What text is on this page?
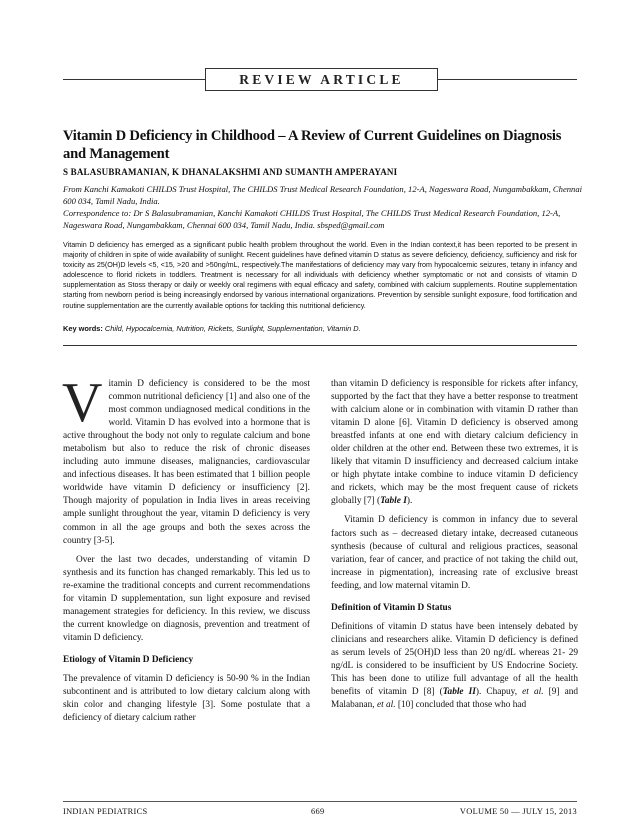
REVIEW ARTICLE
Vitamin D Deficiency in Childhood – A Review of Current Guidelines on Diagnosis and Management
S BALASUBRAMANIAN, K DHANALAKSHMI AND SUMANTH AMPERAYANI
From Kanchi Kamakoti CHILDS Trust Hospital, The CHILDS Trust Medical Research Foundation, 12-A, Nageswara Road, Nungambakkam, Chennai 600 034, Tamil Nadu, India.
Correspondence to: Dr S Balasubramanian, Kanchi Kamakoti CHILDS Trust Hospital, The CHILDS Trust Medical Research Foundation, 12-A, Nageswara Road, Nungambakkam, Chennai 600 034, Tamil Nadu, India. sbsped@gmail.com
Vitamin D deficiency has emerged as a significant public health problem throughout the world. Even in the Indian context,it has been reported to be present in majority of children in spite of wide availability of sunlight. Recent guidelines have defined vitamin D status as severe deficiency, deficiency, sufficiency and risk for toxicity as 25(OH)D levels <5, <15, >20 and >50ng/mL, respectively.The manifestations of deficiency may vary from hypocalcemic seizures, tetany in infancy and adolescence to florid rickets in toddlers. Treatment is necessary for all individuals with deficiency whether symptomatic or not and consists of vitamin D supplementation as Stoss therapy or daily or weekly oral regimens with equal efficacy and safety, combined with calcium supplements. Routine supplementation starting from newborn period is being increasingly endorsed by various international organizations. Prevention by sensible sunlight exposure, food fortification and routine supplementation are the currently available options for tackling this nutritional deficiency.
Key words: Child, Hypocalcemia, Nutrition, Rickets, Sunlight, Supplementation, Vitamin D.

Vitamin D deficiency is considered to be the most common nutritional deficiency [1] and also one of the most common undiagnosed medical conditions in the world. Vitamin D has evolved into a hormone that is active throughout the body not only to regulate calcium and bone metabolism but also to reduce the risk of chronic diseases including auto immune diseases, malignancies, cardiovascular and infectious diseases. It has been estimated that 1 billion people worldwide have vitamin D deficiency or insufficiency [2]. Though majority of population in India lives in areas receiving ample sunlight throughout the year, vitamin D deficiency is very common in all the age groups and both the sexes across the country [3-5].

Over the last two decades, understanding of vitamin D synthesis and its function has changed remarkably. This led us to re-examine the traditional concepts and current recommendations for vitamin D supplementation, sun light exposure and revised management strategies for deficiency. In this review, we discuss the current knowledge on diagnosis, prevention and treatment of vitamin D deficiency.

Etiology of Vitamin D Deficiency

The prevalence of vitamin D deficiency is 50-90 % in the Indian subcontinent and is attributed to low dietary calcium along with skin color and changing lifestyle [3]. Some postulate that a deficiency of dietary calcium rather

than vitamin D deficiency is responsible for rickets after infancy, supported by the fact that they have a better response to treatment with calcium alone or in combination with vitamin D rather than vitamin D alone [6]. Vitamin D deficiency is observed among breastfed infants at one end with dietary calcium deficiency in older children at the other end. Between these two extremes, it is likely that vitamin D insufficiency and decreased calcium intake or high phytate intake combine to induce vitamin D deficiency and rickets, which may be the most frequent cause of rickets globally [7] (Table I).

Vitamin D deficiency is common in infancy due to several factors such as – decreased dietary intake, decreased cutaneous synthesis (because of cultural and religious practices, seasonal variation, fear of cancer, and practice of not taking the child out, increase in pigmentation), increasing rate of exclusive breast feeding, and low maternal vitamin D.

Definition of Vitamin D Status

Definitions of vitamin D status have been intensely debated by clinicians and researchers alike. Vitamin D deficiency is defined as serum levels of 25(OH)D less than 20 ng/dL whereas 21- 29 ng/dL is considered to be insufficient by US Endocrine Society. This has been done to utilize full advantage of all the health benefits of vitamin D [8] (Table II). Chapuy, et al. [9] and Malabanan, et al. [10] concluded that those who had

INDIAN PEDIATRICS	669	VOLUME 50 — JULY 15, 2013
